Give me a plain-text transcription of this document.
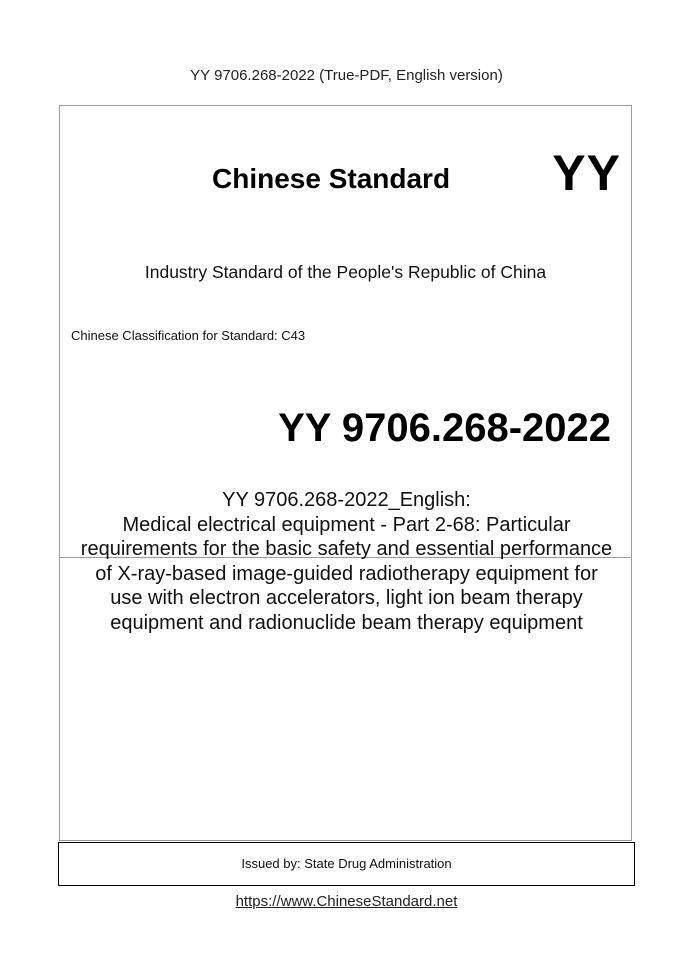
YY 9706.268-2022 (True-PDF, English version)
Chinese Standard YY
Industry Standard of the People's Republic of China
Chinese Classification for Standard: C43
YY 9706.268-2022
YY 9706.268-2022_English:
Medical electrical equipment - Part 2-68: Particular
requirements for the basic safety and essential performance
of X-ray-based image-guided radiotherapy equipment for
use with electron accelerators, light ion beam therapy
equipment and radionuclide beam therapy equipment
Issued by: State Drug Administration
https://www.ChineseStandard.net
